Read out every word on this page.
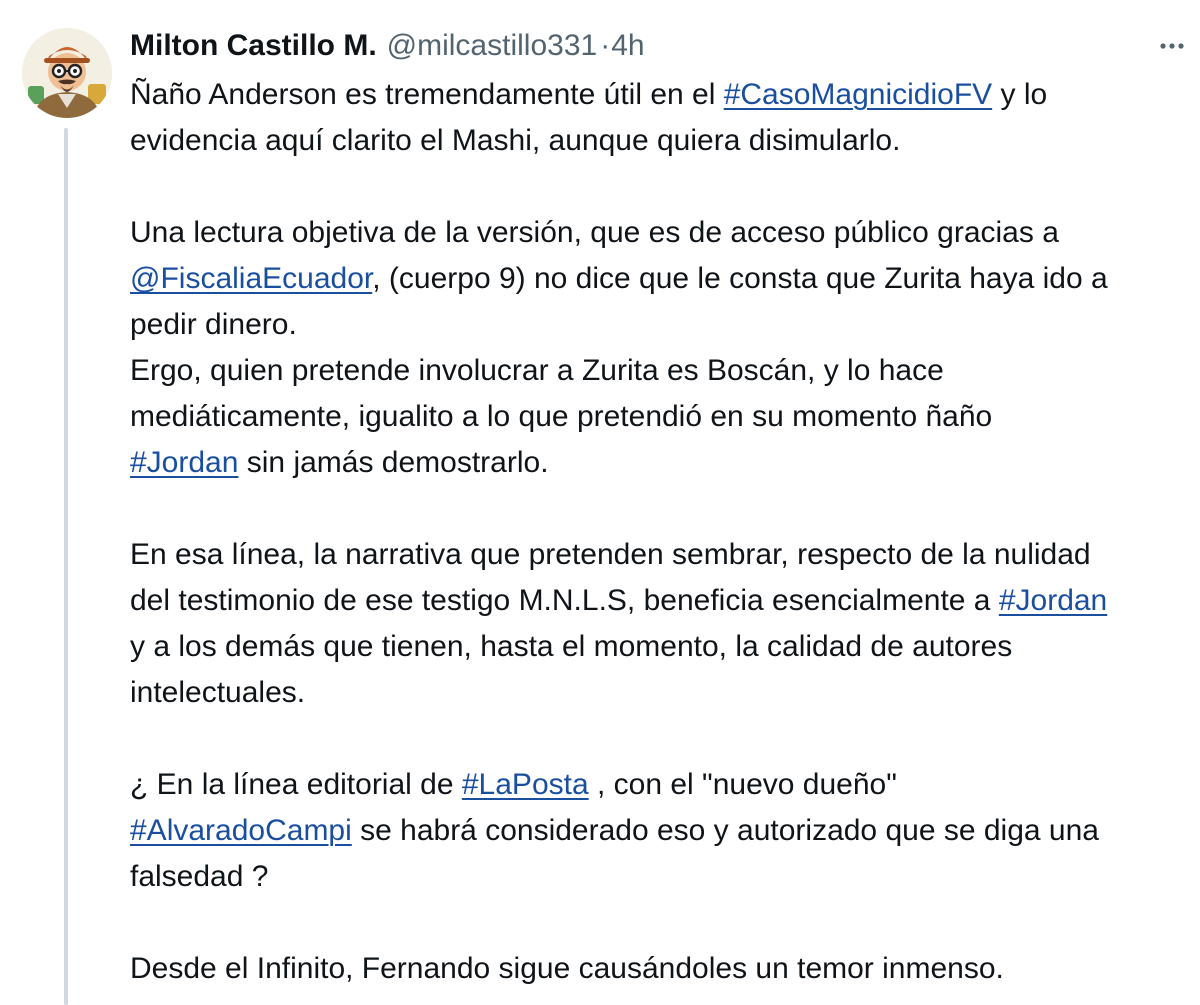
Milton Castillo M. @milcastillo331 · 4h

Ñaño Anderson es tremendamente útil en el #CasoMagnicidioFV y lo

evidencia aquí clarito el Mashi, aunque quiera disimularlo.

Una lectura objetiva de la versión, que es de acceso público gracias a

@FiscaliaEcuador, (cuerpo 9) no dice que le consta que Zurita haya ido a

pedir dinero.

Ergo, quien pretende involucrar a Zurita es Boscán, y lo hace

mediáticamente, igualito a lo que pretendió en su momento ñaño

#Jordan sin jamás demostrarlo.

En esa línea, la narrativa que pretenden sembrar, respecto de la nulidad

del testimonio de ese testigo M.N.L.S, beneficia esencialmente a #Jordan

y a los demás que tienen, hasta el momento, la calidad de autores

intelectuales.

¿ En la línea editorial de #LaPosta , con el "nuevo dueño"

#AlvaradoCampi se habrá considerado eso y autorizado que se diga una

falsedad ?

Desde el Infinito, Fernando sigue causándoles un temor inmenso.
